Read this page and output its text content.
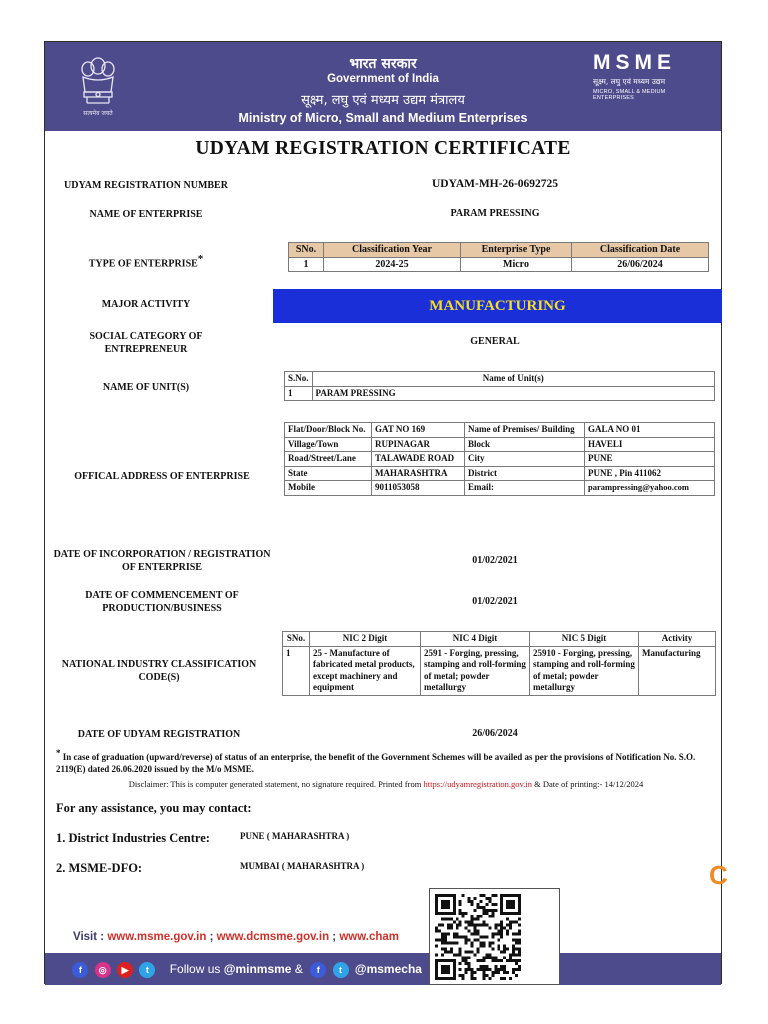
सत्यमेव जयते
भारत सरकार
Government of India
सूक्ष्म, लघु एवं मध्यम उद्यम मंत्रालय
Ministry of Micro, Small and Medium Enterprises
MSME
सूक्ष्म, लघु एवं मध्यम उद्यम
MICRO, SMALL & MEDIUM ENTERPRISES
UDYAM REGISTRATION CERTIFICATE
UDYAM REGISTRATION NUMBER	UDYAM-MH-26-0692725
NAME OF ENTERPRISE	PARAM PRESSING
TYPE OF ENTERPRISE*
SNo.	Classification Year	Enterprise Type	Classification Date
1	2024-25	Micro	26/06/2024
MAJOR ACTIVITY	MANUFACTURING
SOCIAL CATEGORY OF ENTREPRENEUR
GENERAL
NAME OF UNIT(S)
S.No.	Name of Unit(s)
1	PARAM PRESSING
OFFICAL ADDRESS OF ENTERPRISE
Flat/Door/Block No.	GAT NO 169	Name of Premises/ Building	GALA NO 01
Village/Town	RUPINAGAR	Block	HAVELI
Road/Street/Lane	TALAWADE ROAD	City	PUNE
State	MAHARASHTRA	District	PUNE , Pin 411062
Mobile	9011053058	Email:	parampressing@yahoo.com
DATE OF INCORPORATION / REGISTRATION OF ENTERPRISE
01/02/2021
DATE OF COMMENCEMENT OF PRODUCTION/BUSINESS
01/02/2021
NATIONAL INDUSTRY CLASSIFICATION CODE(S)
SNo.	NIC 2 Digit	NIC 4 Digit	NIC 5 Digit	Activity
1	25 - Manufacture of fabricated metal products, except machinery and equipment	2591 - Forging, pressing, stamping and roll-forming of metal; powder metallurgy	25910 - Forging, pressing, stamping and roll-forming of metal; powder metallurgy	Manufacturing
DATE OF UDYAM REGISTRATION	26/06/2024
* In case of graduation (upward/reverse) of status of an enterprise, the benefit of the Government Schemes will be availed as per the provisions of Notification No. S.O. 2119(E) dated 26.06.2020 issued by the M/o MSME.
Disclaimer: This is computer generated statement, no signature required. Printed from https://udyamregistration.gov.in & Date of printing:- 14/12/2024
For any assistance, you may contact:
1. District Industries Centre:	PUNE ( MAHARASHTRA )
2. MSME-DFO:	MUMBAI ( MAHARASHTRA )	C
Visit : www.msme.gov.in ; www.dcmsme.gov.in ; www.cham
f ◎ ▶ t Follow us @minmsme & f t @msmecha
